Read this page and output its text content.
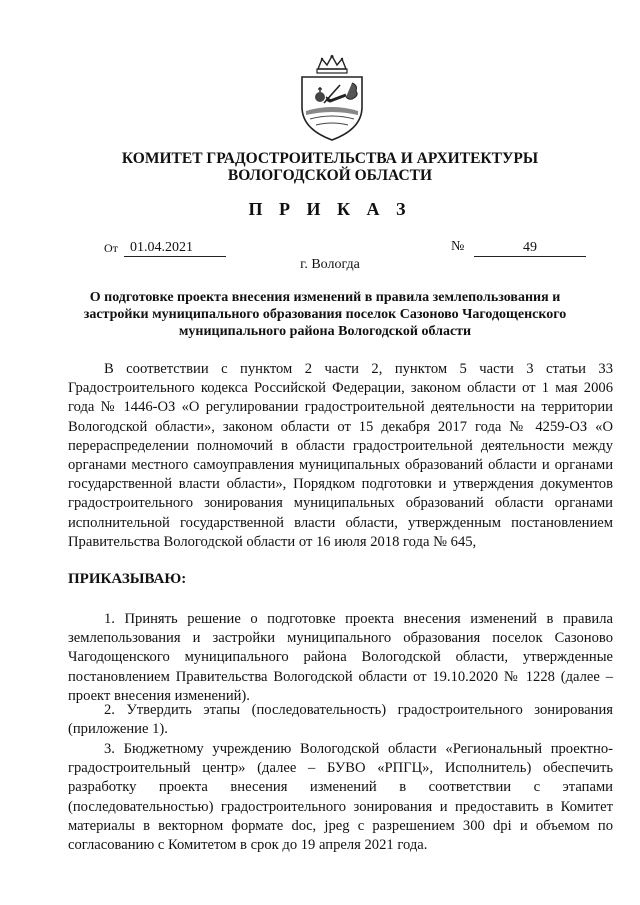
КОМИТЕТ ГРАДОСТРОИТЕЛЬСТВА И АРХИТЕКТУРЫ
ВОЛОГОДСКОЙ ОБЛАСТИ
П Р И К А З
От 01.04.2021	№	49
г. Вологда
О подготовке проекта внесения изменений в правила землепользования и застройки муниципального образования поселок Сазоново Чагодощенского муниципального района Вологодской области

В соответствии с пунктом 2 части 2, пунктом 5 части 3 статьи 33 Градостроительного кодекса Российской Федерации, законом области от 1 мая 2006 года № 1446-ОЗ «О регулировании градостроительной деятельности на территории Вологодской области», законом области от 15 декабря 2017 года № 4259-ОЗ «О перераспределении полномочий в области градостроительной деятельности между органами местного самоуправления муниципальных образований области и органами государственной власти области», Порядком подготовки и утверждения документов градостроительного зонирования муниципальных образований области органами исполнительной государственной власти области, утвержденным постановлением Правительства Вологодской области от 16 июля 2018 года № 645,

ПРИКАЗЫВАЮ:

1. Принять решение о подготовке проекта внесения изменений в правила землепользования и застройки муниципального образования поселок Сазоново Чагодощенского муниципального района Вологодской области, утвержденные постановлением Правительства Вологодской области от 19.10.2020 № 1228 (далее – проект внесения изменений).

2. Утвердить этапы (последовательность) градостроительного зонирования (приложение 1).

3. Бюджетному учреждению Вологодской области «Региональный проектно-градостроительный центр» (далее – БУВО «РПГЦ», Исполнитель) обеспечить разработку проекта внесения изменений в соответствии с этапами (последовательностью) градостроительного зонирования и предоставить в Комитет материалы в векторном формате doc, jpeg с разрешением 300 dpi и объемом по согласованию с Комитетом в срок до 19 апреля 2021 года.
